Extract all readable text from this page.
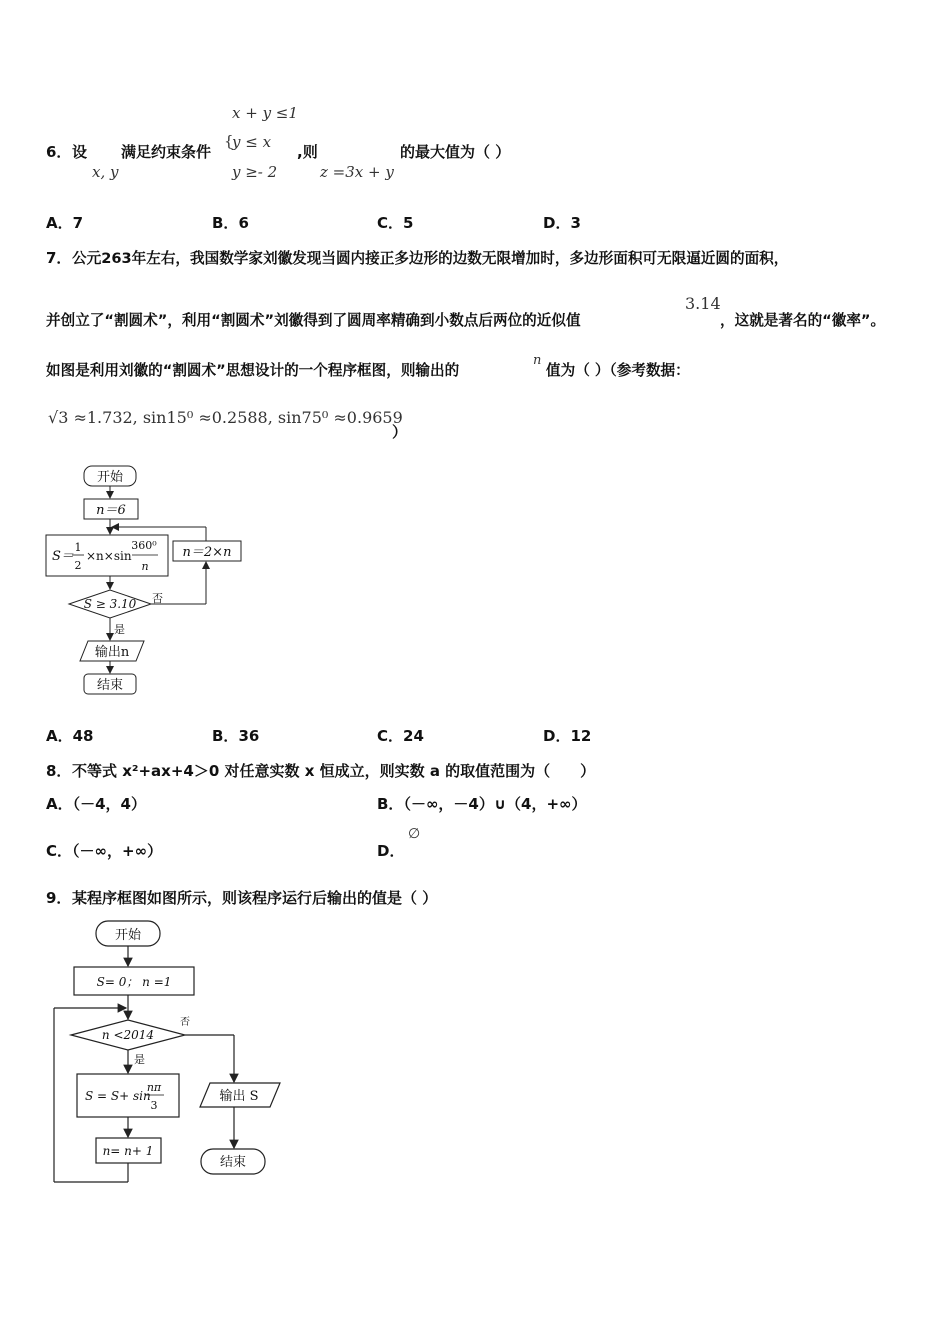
x + y ≤1
6． 设
x, y
满足约束条件
{
y ≤ x
y ≥- 2
,则
z =3x + y
的最大值为（ ）
A．7	B．6	C．5	D．3
7． 公元263年左右，我国数学家刘徽发现当圆内接正多边形的边数无限增加时，多边形面积可无限逼近圆的面积，
并创立了“割圆术”，利用“割圆术”刘徽得到了圆周率精确到小数点后两位的近似值
3.14
，这就是著名的“徽率”。
如图是利用刘徽的“割圆术”思想设计的一个程序框图，则输出的
n
值为（ ）（参考数据：
√3 ≈1.732, sin15⁰ ≈0.2588, sin75⁰ ≈0.9659
）
开始
n＝6
S＝
1
2
×n×sin
360⁰
n
n＝2×n
S ≥ 3.10 否
是
输出n
结束
A．48	B．36	C．24	D．12
8． 不等式 x²+ax+4＞0 对任意实数 x 恒成立，则实数 a 的取值范围为（　　）
A．（－4，4）	B．（－∞，－4）∪（4，+∞）
C．（－∞，+∞）	D．
∅
9． 某程序框图如图所示，则该程序运行后输出的值是（ ）
开始
S= 0； n =1
n <2014
否
是
S = S+ sin
nπ
3
n= n+ 1
输出 S
结束
